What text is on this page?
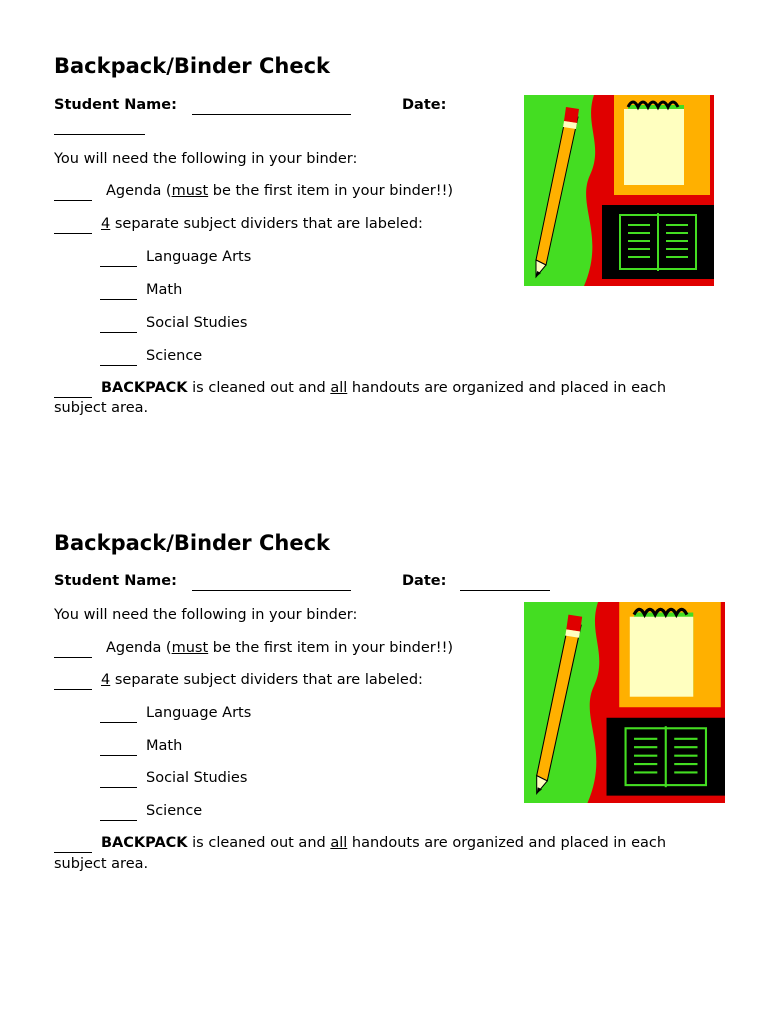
Backpack/Binder Check
Student Name:	Date:
You will need the following in your binder:
Agenda (must be the first item in your binder!!)
4 separate subject dividers that are labeled:
Language Arts
Math
Social Studies
Science
BACKPACK is cleaned out and all handouts are organized and placed in each
subject area.
Backpack/Binder Check
Student Name:	Date:
You will need the following in your binder:
Agenda (must be the first item in your binder!!)
4 separate subject dividers that are labeled:
Language Arts
Math
Social Studies
Science
BACKPACK is cleaned out and all handouts are organized and placed in each
subject area.
